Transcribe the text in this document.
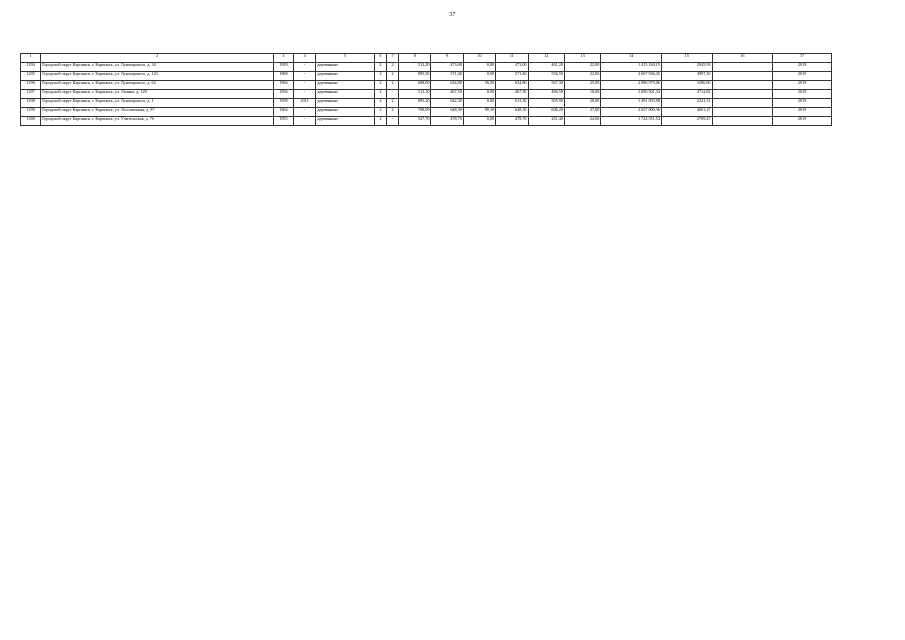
37
1	2	3	4	5	6	7	8	9	10	11	12	13	14	15	16	17
1294	Городской округ Карпинск, г. Карпинск, ул. Луначарского, д. 34	1959	-	деревянные	2	2	513,20	473,00	0,00	473,00	461,20	22,00	1 415 160,15	2945,93		2019
1295	Городской округ Карпинск, г. Карпинск, ул. Луначарского, д. 123	1968	-	деревянные	2	2	895,50	571,40	0,00	571,40	556,50	22,00	2 667 936,45	4997,10		2019
1296	Городской округ Карпинск, г. Карпинск, ул. Луначарского, д. 62	1966	-	деревянные	2	2	688,00	634,80	56,50	634,80	567,30	25,00	2 086 979,06	3286,60		2019
1297	Городской округ Карпинск, г. Карпинск, ул. Ленина, д. 129	1956	-	деревянные	2	-	513,10	467,50	0,00	467,50	496,50	18,00	2 090 501,34	4712,82		2019
1298	Городской округ Карпинск, г. Карпинск, ул. Луначарского, д. 1	1958	2011	деревянные	2	2	895,20	642,30	0,00	613,30	505,90	28,00	1 491 003,98	2321,31		2019
1299	Городской округ Карпинск, г. Карпинск, ул. Лесопильная, д. 87	1964	-	деревянные	2	2	708,09	648,30	90,10	648,30	606,20	27,00	2 657 000,36	4001,27		2019
1300	Городской округ Карпинск, г. Карпинск, ул. Учительская, д. 7б	1955	-	деревянные	2	-	527,70	478,70	0,00	478,70	251,40	24,00	1 724 551,53	2709,47		2019
